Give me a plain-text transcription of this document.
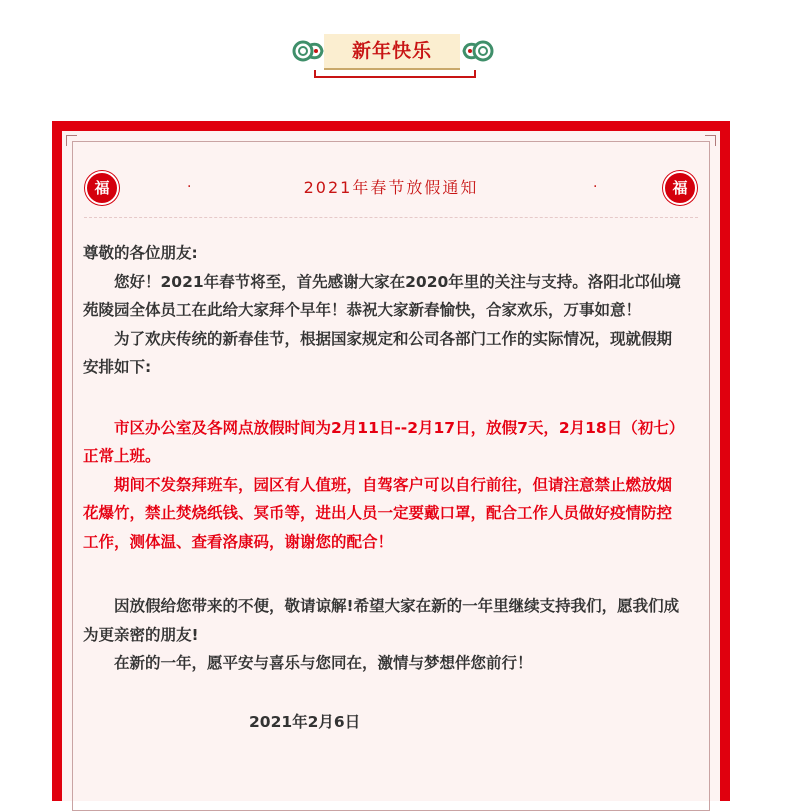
新年快乐
福	.	2021年春节放假通知	.	福

尊敬的各位朋友:

您好！2021年春节将至，首先感谢大家在2020年里的关注与支持。洛阳北邙仙境苑陵园全体员工在此给大家拜个早年！恭祝大家新春愉快，合家欢乐，万事如意！

为了欢庆传统的新春佳节，根据国家规定和公司各部门工作的实际情况，现就假期安排如下:

市区办公室及各网点放假时间为2月11日--2月17日，放假7天，2月18日（初七）正常上班。

期间不发祭拜班车，园区有人值班，自驾客户可以自行前往，但请注意禁止燃放烟花爆竹，禁止焚烧纸钱、冥币等，进出人员一定要戴口罩，配合工作人员做好疫情防控工作，测体温、查看洛康码，谢谢您的配合！

因放假给您带来的不便，敬请谅解!希望大家在新的一年里继续支持我们，愿我们成为更亲密的朋友!

在新的一年，愿平安与喜乐与您同在，激情与梦想伴您前行！

2021年2月6日
